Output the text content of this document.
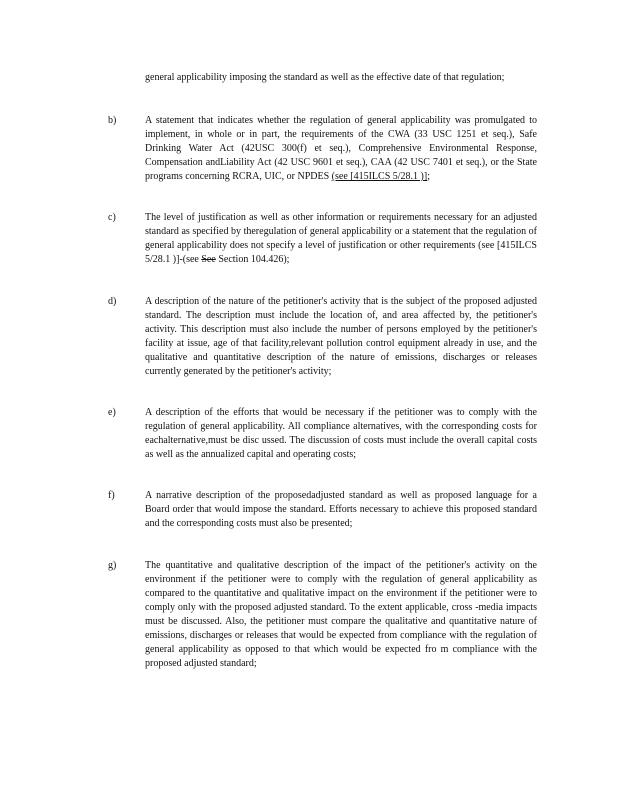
general applicability imposing the standard as well as the effective date of that regulation;

b)	A statement that indicates whether the regulation of general applicability was promulgated to implement, in whole or in part, the requirements of the CWA (33 USC 1251 et seq.), Safe Drinking Water Act (42USC 300(f) et seq.), Comprehensive Environmental Response, Compensation andLiability Act (42 USC 9601 et seq.), CAA (42 USC 7401 et seq.), or the State programs concerning RCRA, UIC, or NPDES (see [415ILCS 5/28.1 )];

c)	The level of justification as well as other information or requirements necessary for an adjusted standard as specified by theregulation of general applicability or a statement that the regulation of general applicability does not specify a level of justification or other requirements (see [415ILCS 5/28.1 )]-(see See Section 104.426);

d)	A description of the nature of the petitioner's activity that is the subject of the proposed adjusted standard. The description must include the location of, and area affected by, the petitioner's activity. This description must also include the number of persons employed by the petitioner's facility at issue, age of that facility,relevant pollution control equipment already in use, and the qualitative and quantitative description of the nature of emissions, discharges or releases currently generated by the petitioner's activity;

e)	A description of the efforts that would be necessary if the petitioner was to comply with the regulation of general applicability. All compliance alternatives, with the corresponding costs for eachalternative,must be disc ussed. The discussion of costs must include the overall capital costs as well as the annualized capital and operating costs;

f)	A narrative description of the proposedadjusted standard as well as proposed language for a Board order that would impose the standard. Efforts necessary to achieve this proposed standard and the corresponding costs must also be presented;

g)	The quantitative and qualitative description of the impact of the petitioner's activity on the environment if the petitioner were to comply with the regulation of general applicability as compared to the quantitative and qualitative impact on the environment if the petitioner were to comply only with the proposed adjusted standard. To the extent applicable, cross -media impacts must be discussed. Also, the petitioner must compare the qualitative and quantitative nature of emissions, discharges or releases that would be expected from compliance with the regulation of general applicability as opposed to that which would be expected fro m compliance with the proposed adjusted standard;
